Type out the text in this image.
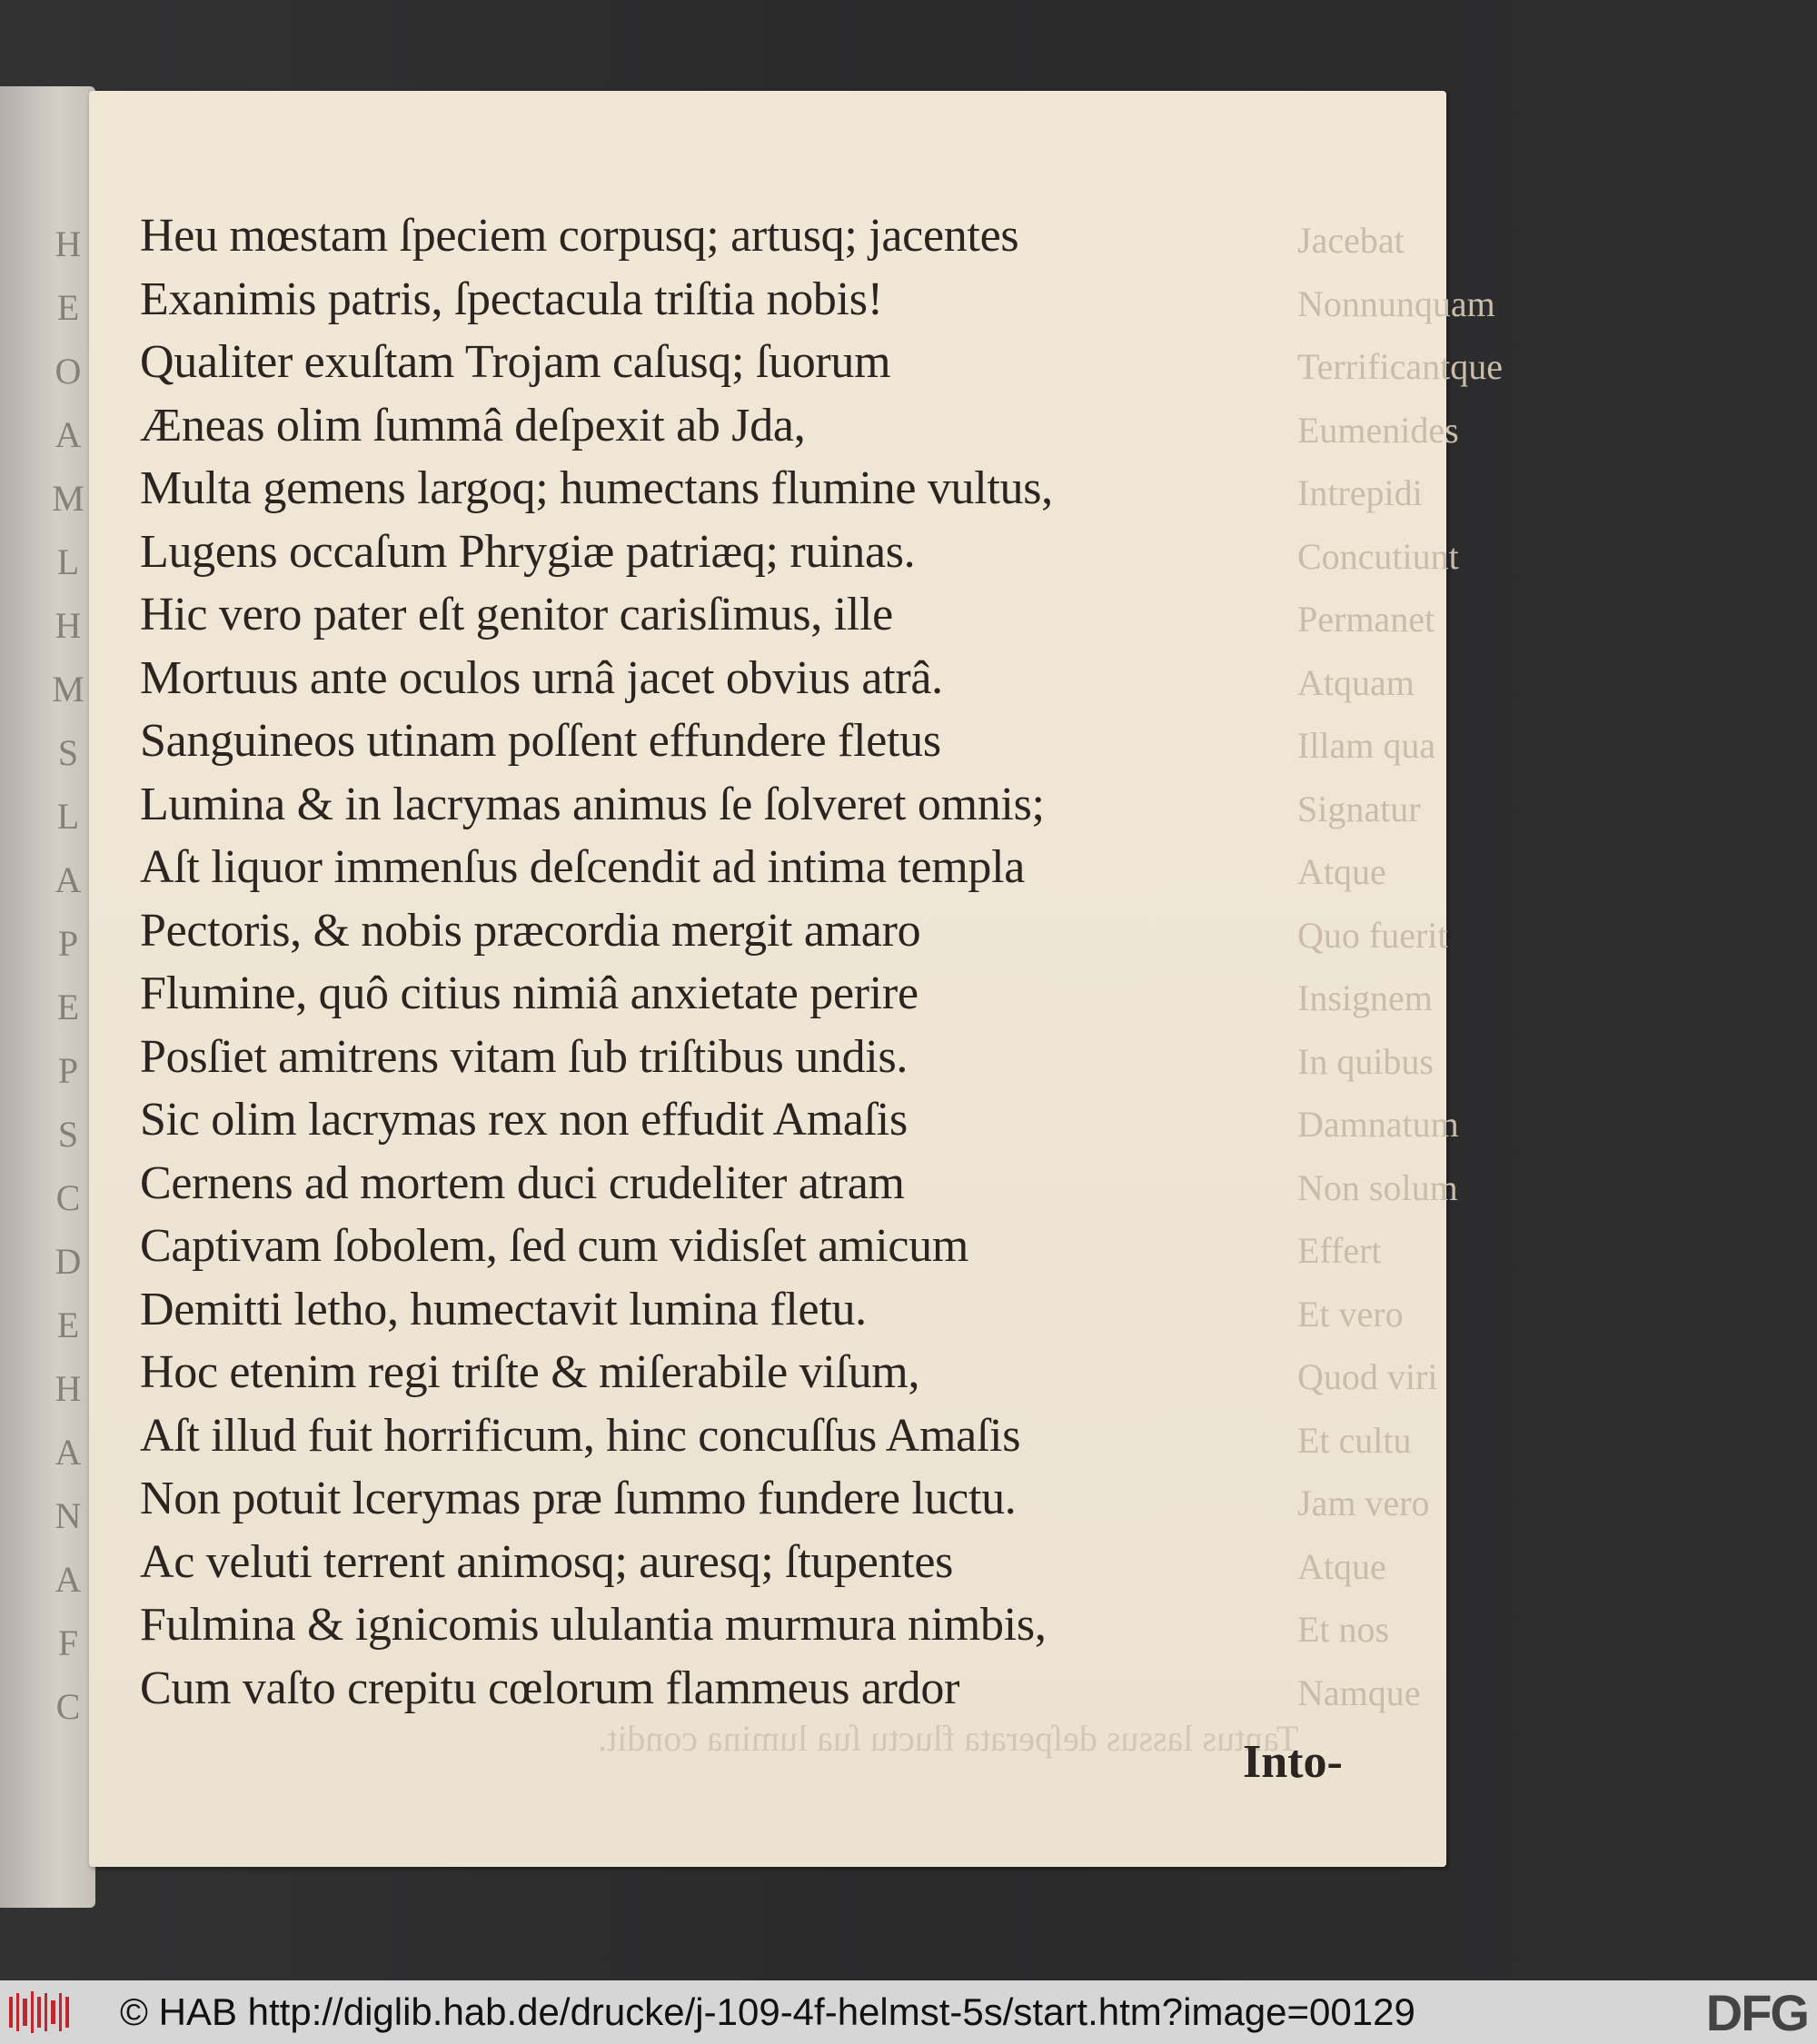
H
E
O
A
M
L
H
M
S
L
A
P
E
P
S
C
D
E
H
A
N
A
F
C
Jacebat
Nonnunquam
Terrificantque
Eumenides
Intrepidi
Concutiunt
Permanet
Atquam
Illam qua
Signatur
Atque
Quo fuerit
Insignem
In quibus
Damnatum
Non solum
Effert
Et vero
Quod viri
Et cultu
Jam vero
Atque
Et nos
Namque
Tantus lassus deſperata fluctu ſua lumina condit.
Heu mœstam ſpeciem corpusq; artusq; jacentes
Exanimis patris, ſpectacula triſtia nobis!
Qualiter exuſtam Trojam caſusq; ſuorum
Æneas olim ſummâ deſpexit ab Jda,
Multa gemens largoq; humectans flumine vultus,
Lugens occaſum Phrygiæ patriæq; ruinas.
Hic vero pater eſt genitor carisſimus, ille
Mortuus ante oculos urnâ jacet obvius atrâ.
Sanguineos utinam poſſent effundere fletus
Lumina & in lacrymas animus ſe ſolveret omnis;
Aſt liquor immenſus deſcendit ad intima templa
Pectoris, & nobis præcordia mergit amaro
Flumine, quô citius nimiâ anxietate perire
Posſiet amitrens vitam ſub triſtibus undis.
Sic olim lacrymas rex non effudit Amaſis
Cernens ad mortem duci crudeliter atram
Captivam ſobolem, ſed cum vidisſet amicum
Demitti letho, humectavit lumina fletu.
Hoc etenim regi triſte & miſerabile viſum,
Aſt illud fuit horrificum, hinc concuſſus Amaſis
Non potuit lcerymas præ ſummo fundere luctu.
Ac veluti terrent animosq; auresq; ſtupentes
Fulmina & ignicomis ululantia murmura nimbis,
Cum vaſto crepitu cœlorum flammeus ardor
Into-
© HAB http://diglib.hab.de/drucke/j-109-4f-helmst-5s/start.htm?image=00129	DFG
